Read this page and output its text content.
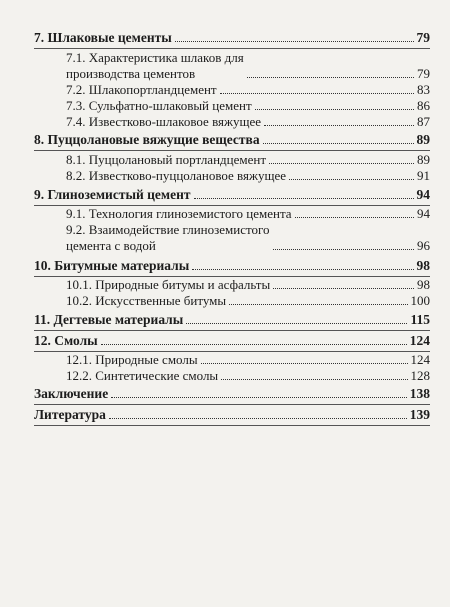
7. Шлаковые цементы	79
7.1. Характеристика шлаков для
производства цементов	79
7.2. Шлакопортландцемент	83
7.3. Сульфатно-шлаковый цемент	86
7.4. Известково-шлаковое вяжущее	87
8. Пуццолановые вяжущие вещества	89
8.1. Пуццолановый портландцемент	89
8.2. Известково-пуццолановое вяжущее	91
9. Глиноземистый цемент	94
9.1. Технология глиноземистого цемента	94
9.2. Взаимодействие глиноземистого
цемента с водой	96
10. Битумные материалы	98
10.1. Природные битумы и асфальты	98
10.2. Искусственные битумы	100
11. Дегтевые материалы	115
12. Смолы	124
12.1. Природные смолы	124
12.2. Синтетические смолы	128
Заключение	138
Литература	139
